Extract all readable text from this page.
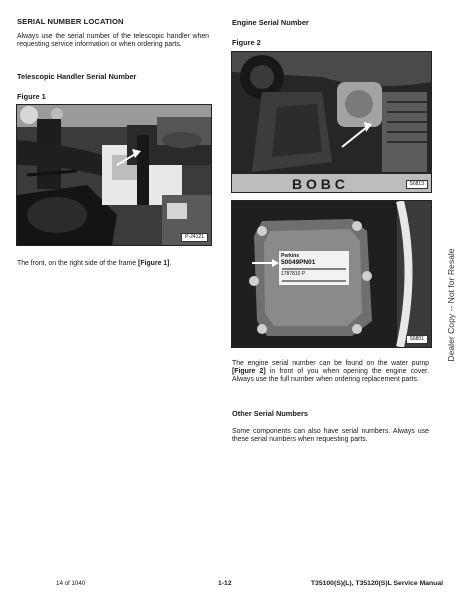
SERIAL NUMBER LOCATION
Always use the serial number of the telescopic handler when requesting service information or when ordering parts.
Telescopic Handler Serial Number
Figure 1
P-24121
The front, on the right side of the frame [Figure 1].
Engine Serial Number
Figure 2
B O B C	S6813
Perkins
50049PN01
1787810 P
S6801
The engine serial number can be found on the water pump [Figure 2] in front of you when opening the engine cover. Always use the full number when ordering replacement parts.
Other Serial Numbers
Some components can also have serial numbers. Always use these serial numbers when requesting parts.
Dealer Copy -- Not for Resale
14 of 1040	1-12	T35100(S)(L), T35120(S)L Service Manual
